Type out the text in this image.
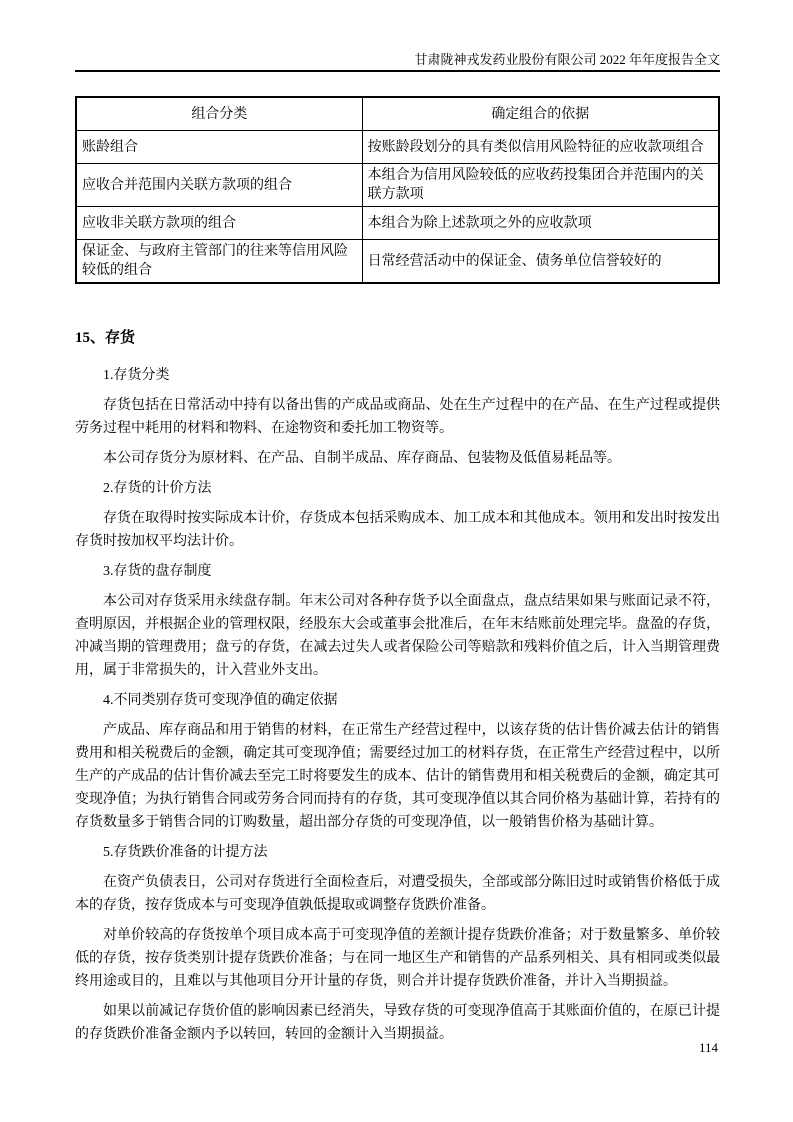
甘肃陇神戎发药业股份有限公司 2022 年年度报告全文
组合分类	确定组合的依据
账龄组合	按账龄段划分的具有类似信用风险特征的应收款项组合
应收合并范围内关联方款项的组合	本组合为信用风险较低的应收药投集团合并范围内的关联方款项
应收非关联方款项的组合	本组合为除上述款项之外的应收款项
保证金、与政府主管部门的往来等信用风险较低的组合	日常经营活动中的保证金、债务单位信誉较好的
15、存货

1.存货分类

存货包括在日常活动中持有以备出售的产成品或商品、处在生产过程中的在产品、在生产过程或提供劳务过程中耗用的材料和物料、在途物资和委托加工物资等。

本公司存货分为原材料、在产品、自制半成品、库存商品、包装物及低值易耗品等。

2.存货的计价方法

存货在取得时按实际成本计价，存货成本包括采购成本、加工成本和其他成本。领用和发出时按发出存货时按加权平均法计价。

3.存货的盘存制度

本公司对存货采用永续盘存制。年末公司对各种存货予以全面盘点，盘点结果如果与账面记录不符，查明原因，并根据企业的管理权限，经股东大会或董事会批准后，在年末结账前处理完毕。盘盈的存货，冲减当期的管理费用；盘亏的存货，在减去过失人或者保险公司等赔款和残料价值之后，计入当期管理费用，属于非常损失的，计入营业外支出。

4.不同类别存货可变现净值的确定依据

产成品、库存商品和用于销售的材料，在正常生产经营过程中，以该存货的估计售价减去估计的销售费用和相关税费后的金额，确定其可变现净值；需要经过加工的材料存货，在正常生产经营过程中，以所生产的产成品的估计售价减去至完工时将要发生的成本、估计的销售费用和相关税费后的金额，确定其可变现净值；为执行销售合同或劳务合同而持有的存货，其可变现净值以其合同价格为基础计算，若持有的存货数量多于销售合同的订购数量，超出部分存货的可变现净值，以一般销售价格为基础计算。

5.存货跌价准备的计提方法

在资产负债表日，公司对存货进行全面检查后，对遭受损失，全部或部分陈旧过时或销售价格低于成本的存货，按存货成本与可变现净值孰低提取或调整存货跌价准备。

对单价较高的存货按单个项目成本高于可变现净值的差额计提存货跌价准备；对于数量繁多、单价较低的存货，按存货类别计提存货跌价准备；与在同一地区生产和销售的产品系列相关、具有相同或类似最终用途或目的，且难以与其他项目分开计量的存货，则合并计提存货跌价准备，并计入当期损益。

如果以前减记存货价值的影响因素已经消失，导致存货的可变现净值高于其账面价值的，在原已计提的存货跌价准备金额内予以转回，转回的金额计入当期损益。

114
